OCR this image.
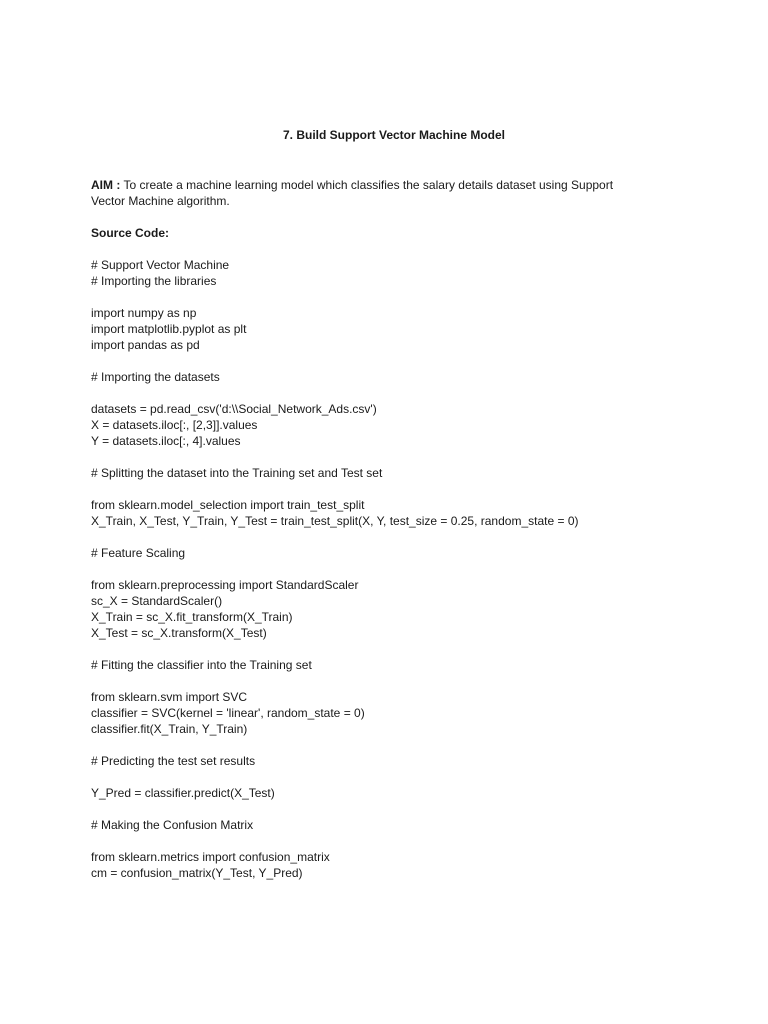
7. Build Support Vector Machine Model
AIM : To create a machine learning model which classifies the salary details dataset using Support
Vector Machine algorithm.
Source Code:
# Support Vector Machine
# Importing the libraries
import numpy as np
import matplotlib.pyplot as plt
import pandas as pd
# Importing the datasets
datasets = pd.read_csv('d:\\Social_Network_Ads.csv')
X = datasets.iloc[:, [2,3]].values
Y = datasets.iloc[:, 4].values
# Splitting the dataset into the Training set and Test set
from sklearn.model_selection import train_test_split
X_Train, X_Test, Y_Train, Y_Test = train_test_split(X, Y, test_size = 0.25, random_state = 0)
# Feature Scaling
from sklearn.preprocessing import StandardScaler
sc_X = StandardScaler()
X_Train = sc_X.fit_transform(X_Train)
X_Test = sc_X.transform(X_Test)
# Fitting the classifier into the Training set
from sklearn.svm import SVC
classifier = SVC(kernel = 'linear', random_state = 0)
classifier.fit(X_Train, Y_Train)
# Predicting the test set results
Y_Pred = classifier.predict(X_Test)
# Making the Confusion Matrix
from sklearn.metrics import confusion_matrix
cm = confusion_matrix(Y_Test, Y_Pred)
